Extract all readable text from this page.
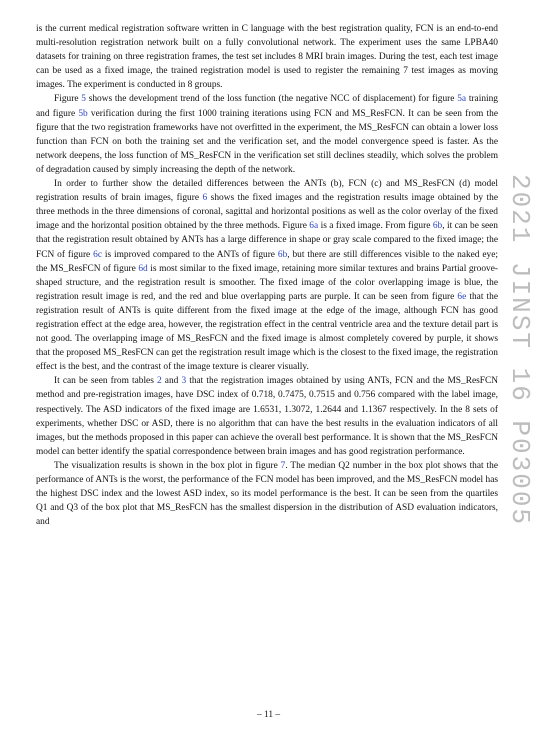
is the current medical registration software written in C language with the best registration quality, FCN is an end-to-end multi-resolution registration network built on a fully convolutional network. The experiment uses the same LPBA40 datasets for training on three registration frames, the test set includes 8 MRI brain images. During the test, each test image can be used as a fixed image, the trained registration model is used to register the remaining 7 test images as moving images. The experiment is conducted in 8 groups.

Figure 5 shows the development trend of the loss function (the negative NCC of displacement) for figure 5a training and figure 5b verification during the first 1000 training iterations using FCN and MS_ResFCN. It can be seen from the figure that the two registration frameworks have not overfitted in the experiment, the MS_ResFCN can obtain a lower loss function than FCN on both the training set and the verification set, and the model convergence speed is faster. As the network deepens, the loss function of MS_ResFCN in the verification set still declines steadily, which solves the problem of degradation caused by simply increasing the depth of the network.

In order to further show the detailed differences between the ANTs (b), FCN (c) and MS_ResFCN (d) model registration results of brain images, figure 6 shows the fixed images and the registration results image obtained by the three methods in the three dimensions of coronal, sagittal and horizontal positions as well as the color overlay of the fixed image and the horizontal position obtained by the three methods. Figure 6a is a fixed image. From figure 6b, it can be seen that the registration result obtained by ANTs has a large difference in shape or gray scale compared to the fixed image; the FCN of figure 6c is improved compared to the ANTs of figure 6b, but there are still differences visible to the naked eye; the MS_ResFCN of figure 6d is most similar to the fixed image, retaining more similar textures and brains Partial groove-shaped structure, and the registration result is smoother. The fixed image of the color overlapping image is blue, the registration result image is red, and the red and blue overlapping parts are purple. It can be seen from figure 6e that the registration result of ANTs is quite different from the fixed image at the edge of the image, although FCN has good registration effect at the edge area, however, the registration effect in the central ventricle area and the texture detail part is not good. The overlapping image of MS_ResFCN and the fixed image is almost completely covered by purple, it shows that the proposed MS_ResFCN can get the registration result image which is the closest to the fixed image, the registration effect is the best, and the contrast of the image texture is clearer visually.

It can be seen from tables 2 and 3 that the registration images obtained by using ANTs, FCN and the MS_ResFCN method and pre-registration images, have DSC index of 0.718, 0.7475, 0.7515 and 0.756 compared with the label image, respectively. The ASD indicators of the fixed image are 1.6531, 1.3072, 1.2644 and 1.1367 respectively. In the 8 sets of experiments, whether DSC or ASD, there is no algorithm that can have the best results in the evaluation indicators of all images, but the methods proposed in this paper can achieve the overall best performance. It is shown that the MS_ResFCN model can better identify the spatial correspondence between brain images and has good registration performance.

The visualization results is shown in the box plot in figure 7. The median Q2 number in the box plot shows that the performance of ANTs is the worst, the performance of the FCN model has been improved, and the MS_ResFCN model has the highest DSC index and the lowest ASD index, so its model performance is the best. It can be seen from the quartiles Q1 and Q3 of the box plot that MS_ResFCN has the smallest dispersion in the distribution of ASD evaluation indicators, and	2021 JINST 16 P03005
– 11 –
